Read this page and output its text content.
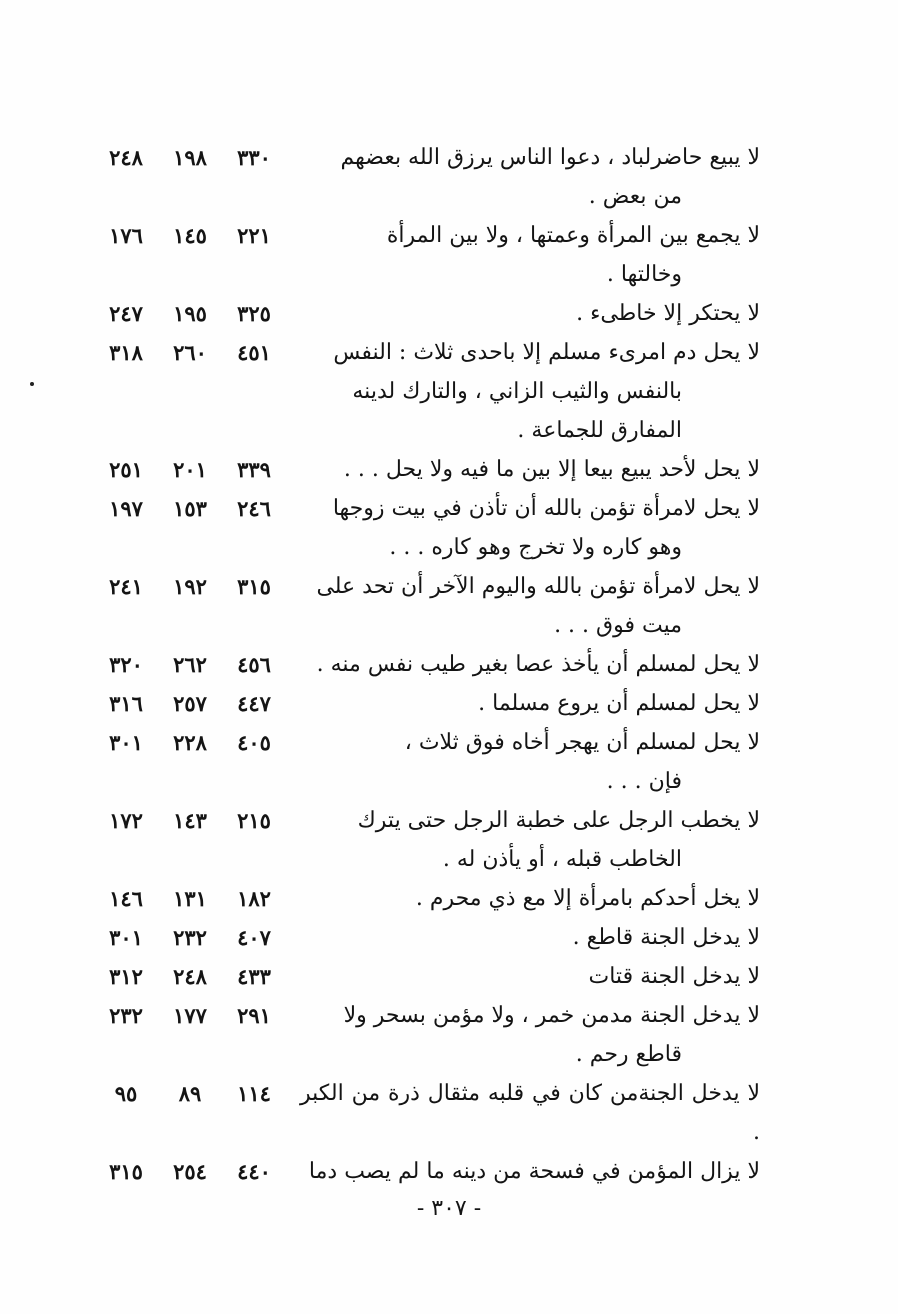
٢٤٨	١٩٨	٣٣٠	لا يبيع حاضرلباد ، دعوا الناس يرزق الله بعضهم
من بعض .
١٧٦	١٤٥	٢٢١	لا يجمع بين المرأة وعمتها ، ولا بين المرأة
وخالتها .
٢٤٧	١٩٥	٣٢٥	لا يحتكر إلا خاطىء .
٣١٨	٢٦٠	٤٥١	لا يحل دم امرىء مسلم إلا باحدى ثلاث : النفس
بالنفس والثيب الزاني ، والتارك لدينه
المفارق للجماعة .
٢٥١	٢٠١	٣٣٩	لا يحل لأحد يبيع بيعا إلا بين ما فيه ولا يحل . . .
١٩٧	١٥٣	٢٤٦	لا يحل لامرأة تؤمن بالله أن تأذن في بيت زوجها
وهو كاره ولا تخرج وهو كاره . . .
٢٤١	١٩٢	٣١٥	لا يحل لامرأة تؤمن بالله واليوم الآخر أن تحد على
ميت فوق . . .
٣٢٠	٢٦٢	٤٥٦	لا يحل لمسلم أن يأخذ عصا بغير طيب نفس منه .
٣١٦	٢٥٧	٤٤٧	لا يحل لمسلم أن يروع مسلما .
٣٠١	٢٢٨	٤٠٥	لا يحل لمسلم أن يهجر أخاه فوق ثلاث ،
فإن . . .
١٧٢	١٤٣	٢١٥	لا يخطب الرجل على خطبة الرجل حتى يترك
الخاطب قبله ، أو يأذن له .
١٤٦	١٣١	١٨٢	لا يخل أحدكم بامرأة إلا مع ذي محرم .
٣٠١	٢٣٢	٤٠٧	لا يدخل الجنة قاطع .
٣١٢	٢٤٨	٤٣٣	لا يدخل الجنة قتات
٢٣٢	١٧٧	٢٩١	لا يدخل الجنة مدمن خمر ، ولا مؤمن بسحر ولا
قاطع رحم .
٩٥	٨٩	١١٤	لا يدخل الجنةمن كان في قلبه مثقال ذرة من الكبر .
٣١٥	٢٥٤	٤٤٠	لا يزال المؤمن في فسحة من دينه ما لم يصب دما
- ٣٠٧ -
